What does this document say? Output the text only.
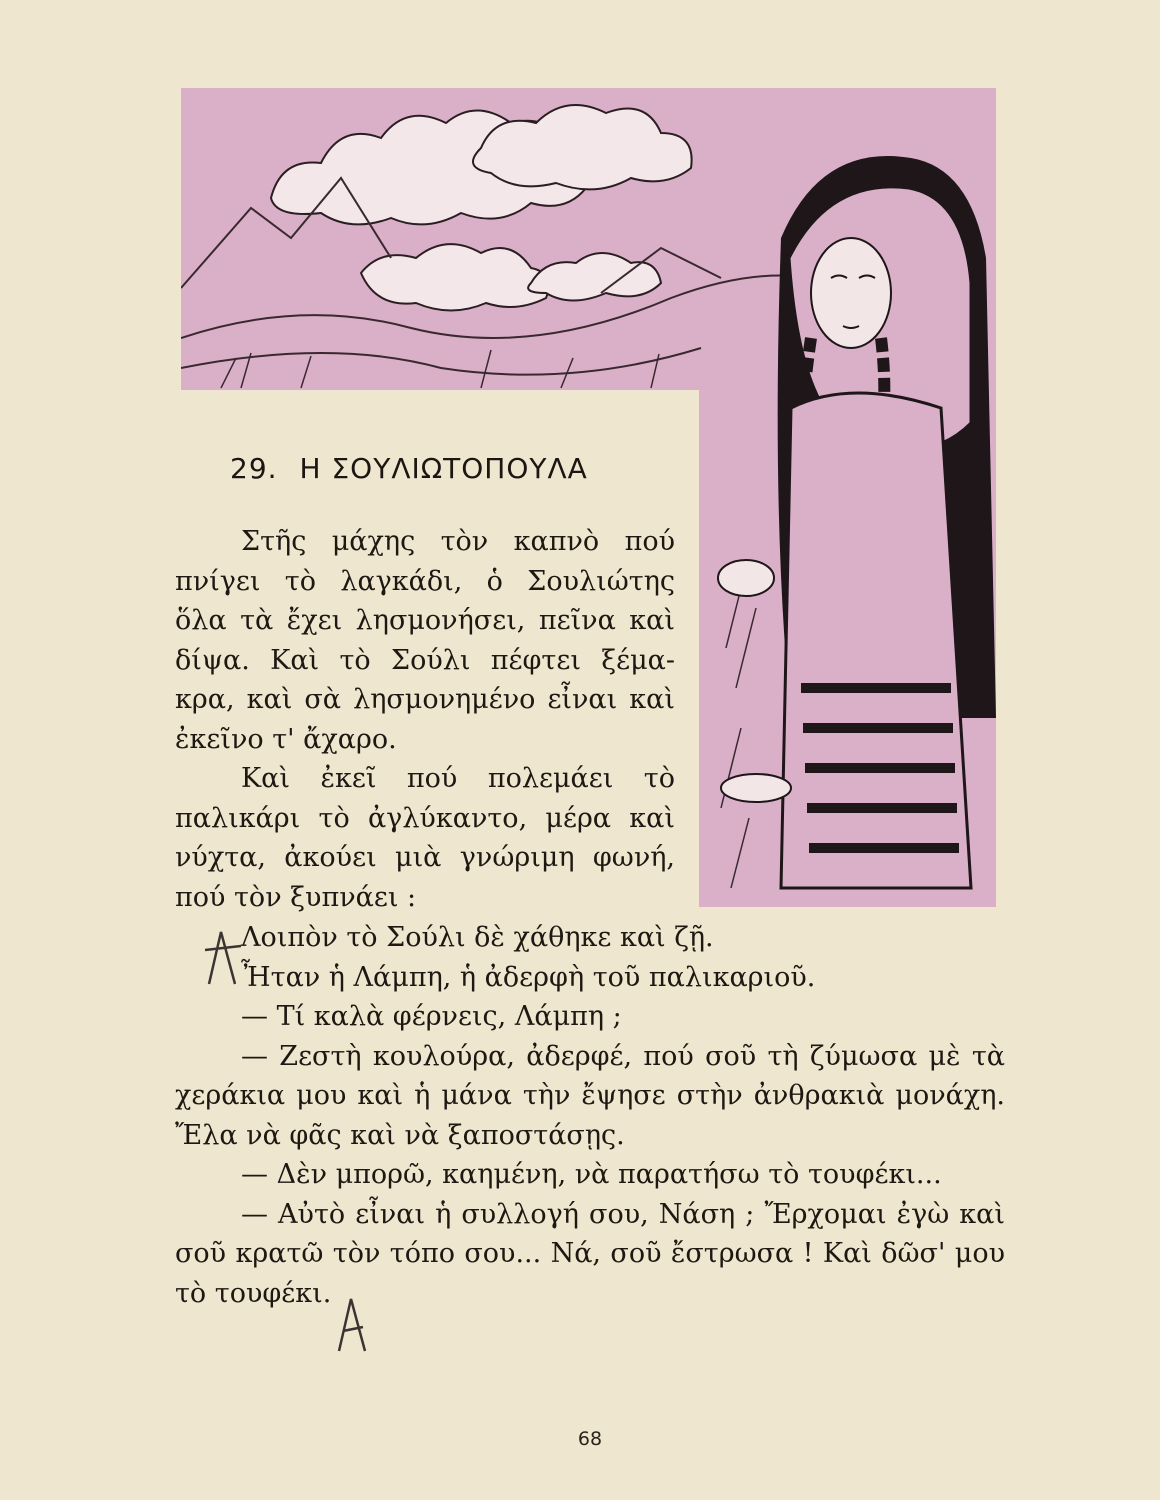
29. Η ΣΟΥΛΙΩΤΟΠΟΥΛΑ
Στῆς μάχης τὸν καπνὸ πού
πνίγει τὸ λαγκάδι, ὁ Σουλιώτης
ὅλα τὰ ἔχει λησμονήσει, πεῖνα καὶ
δίψα. Καὶ τὸ Σούλι πέφτει ξέμα-
κρα, καὶ σὰ λησμονημένο εἶναι καὶ
ἐκεῖνο τ' ἄχαρο.
Καὶ ἐκεῖ πού πολεμάει τὸ
παλικάρι τὸ ἀγλύκαντο, μέρα καὶ
νύχτα, ἀκούει μιὰ γνώριμη φωνή,
πού τὸν ξυπνάει :
Λοιπὸν τὸ Σούλι δὲ χάθηκε καὶ ζῇ.
Ἦταν ἡ Λάμπη, ἡ ἀδερφὴ τοῦ παλικαριοῦ.
— Τί καλὰ φέρνεις, Λάμπη ;
— Ζεστὴ κουλούρα, ἀδερφέ, πού σοῦ τὴ ζύμωσα μὲ τὰ
χεράκια μου καὶ ἡ μάνα τὴν ἔψησε στὴν ἀνθρακιὰ μονάχη.
Ἔλα νὰ φᾶς καὶ νὰ ξαποστάσῃς.
— Δὲν μπορῶ, καημένη, νὰ παρατήσω τὸ τουφέκι...
— Αὐτὸ εἶναι ἡ συλλογή σου, Νάση ; Ἔρχομαι ἐγὼ καὶ
σοῦ κρατῶ τὸν τόπο σου... Νά, σοῦ ἔστρωσα ! Καὶ δῶσ' μου
τὸ τουφέκι.
68
